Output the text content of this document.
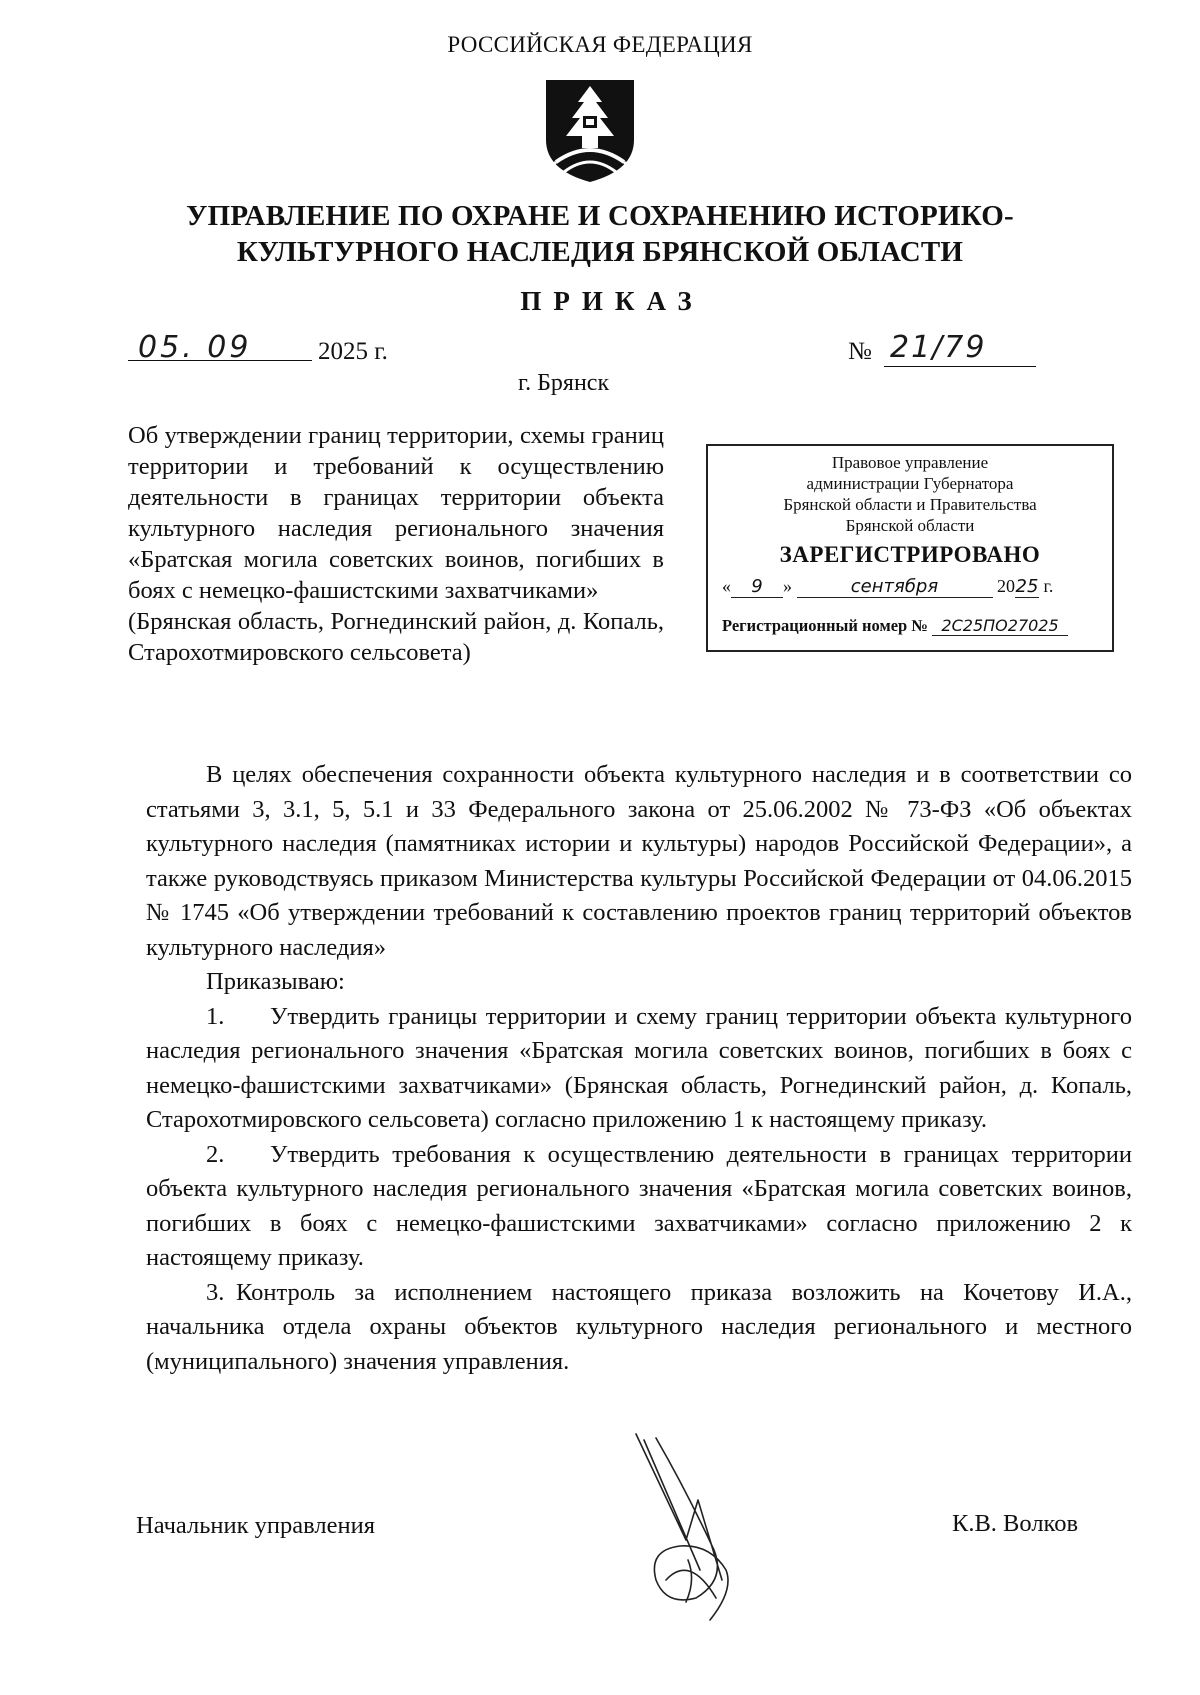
РОССИЙСКАЯ ФЕДЕРАЦИЯ
УПРАВЛЕНИЕ ПО ОХРАНЕ И СОХРАНЕНИЮ ИСТОРИКО-
КУЛЬТУРНОГО НАСЛЕДИЯ БРЯНСКОЙ ОБЛАСТИ
ПРИКАЗ
05. 09	2025 г.	№ 21/79
г. Брянск
Об утверждении границ территории, схемы границ территории и требований к осуществлению деятельности в границах территории объекта культурного наследия регионального значения «Братская могила советских воинов, погибших в боях с немецко-фашистскими захватчиками»
(Брянская область, Рогнединский район, д. Копаль, Старохотмировского сельсовета)
Правовое управление
администрации Губернатора
Брянской области и Правительства
Брянской области
ЗАРЕГИСТРИРОВАНО
« 9 »	сентября	2025 г.
Регистрационный номер № 2С25ПО27025

В целях обеспечения сохранности объекта культурного наследия и в соответствии со статьями 3, 3.1, 5, 5.1 и 33 Федерального закона от 25.06.2002 № 73-ФЗ «Об объектах культурного наследия (памятниках истории и культуры) народов Российской Федерации», а также руководствуясь приказом Министерства культуры Российской Федерации от 04.06.2015 № 1745 «Об утверждении требований к составлению проектов границ территорий объектов культурного наследия»

Приказываю:

1. Утвердить границы территории и схему границ территории объекта культурного наследия регионального значения «Братская могила советских воинов, погибших в боях с немецко-фашистскими захватчиками» (Брянская область, Рогнединский район, д. Копаль, Старохотмировского сельсовета) согласно приложению 1 к настоящему приказу.

2. Утвердить требования к осуществлению деятельности в границах территории объекта культурного наследия регионального значения «Братская могила советских воинов, погибших в боях с немецко-фашистскими захватчиками» согласно приложению 2 к настоящему приказу.

3. Контроль за исполнением настоящего приказа возложить на Кочетову И.А., начальника отдела охраны объектов культурного наследия регионального и местного (муниципального) значения управления.

Начальник управления	К.В. Волков
